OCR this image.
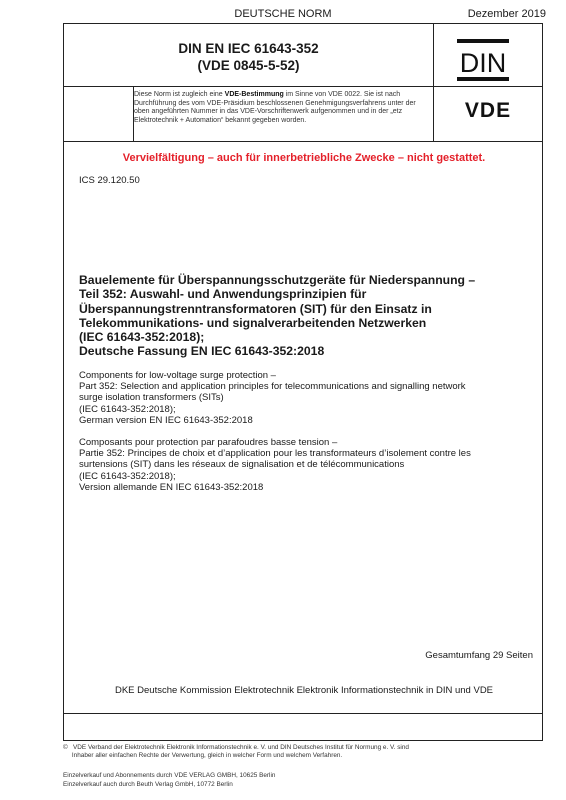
DEUTSCHE NORM	Dezember 2019
DIN EN IEC 61643-352
(VDE 0845-5-52)	DIN
VDE
Diese Norm ist zugleich eine VDE-Bestimmung im Sinne von VDE 0022. Sie ist nach Durchführung des vom VDE-Präsidium beschlossenen Genehmigungsverfahrens unter der oben angeführten Nummer in das VDE-Vorschriftenwerk aufgenommen und in der „etz Elektrotechnik + Automation“ bekannt gegeben worden.
Vervielfältigung – auch für innerbetriebliche Zwecke – nicht gestattet.
ICS 29.120.50
Bauelemente für Überspannungsschutzgeräte für Niederspannung –
Teil 352: Auswahl- und Anwendungsprinzipien für
Überspannungstrenntransformatoren (SIT) für den Einsatz in
Telekommunikations- und signalverarbeitenden Netzwerken
(IEC 61643-352:2018);
Deutsche Fassung EN IEC 61643-352:2018
Components for low-voltage surge protection –
Part 352: Selection and application principles for telecommunications and signalling network
surge isolation transformers (SITs)
(IEC 61643-352:2018);
German version EN IEC 61643-352:2018
Composants pour protection par parafoudres basse tension –
Partie 352: Principes de choix et d’application pour les transformateurs d’isolement contre les
surtensions (SIT) dans les réseaux de signalisation et de télécommunications
(IEC 61643-352:2018);
Version allemande EN IEC 61643-352:2018
Gesamtumfang 29 Seiten
DKE Deutsche Kommission Elektrotechnik Elektronik Informationstechnik in DIN und VDE
©   VDE Verband der Elektrotechnik Elektronik Informationstechnik e. V. und DIN Deutsches Institut für Normung e. V. sind
Inhaber aller einfachen Rechte der Verwertung, gleich in welcher Form und welchem Verfahren.
Einzelverkauf und Abonnements durch VDE VERLAG GMBH, 10625 Berlin
Einzelverkauf auch durch Beuth Verlag GmbH, 10772 Berlin
